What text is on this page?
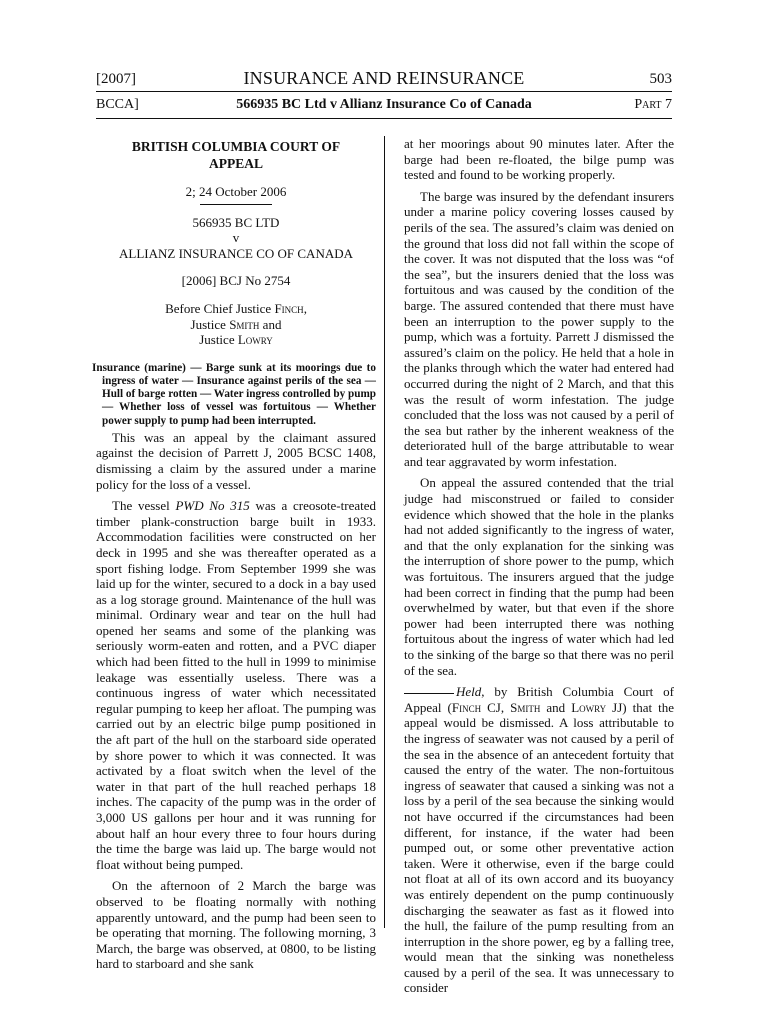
[2007]	INSURANCE AND REINSURANCE	503
BCCA]	566935 BC Ltd v Allianz Insurance Co of Canada	Part 7
BRITISH COLUMBIA COURT OF
APPEAL
2; 24 October 2006
566935 BC LTD
v
ALLIANZ INSURANCE CO OF CANADA
[2006] BCJ No 2754
Before Chief Justice Finch,
Justice Smith and
Justice Lowry
Insurance (marine) — Barge sunk at its moorings due to ingress of water — Insurance against perils of the sea — Hull of barge rotten — Water ingress controlled by pump — Whether loss of vessel was fortuitous — Whether power supply to pump had been interrupted.

This was an appeal by the claimant assured against the decision of Parrett J, 2005 BCSC 1408, dismissing a claim by the assured under a marine policy for the loss of a vessel.

The vessel PWD No 315 was a creosote-treated timber plank-construction barge built in 1933. Accommodation facilities were constructed on her deck in 1995 and she was thereafter operated as a sport fishing lodge. From September 1999 she was laid up for the winter, secured to a dock in a bay used as a log storage ground. Maintenance of the hull was minimal. Ordinary wear and tear on the hull had opened her seams and some of the planking was seriously worm-eaten and rotten, and a PVC diaper which had been fitted to the hull in 1999 to minimise leakage was essentially useless. There was a continuous ingress of water which necessitated regular pumping to keep her afloat. The pumping was carried out by an electric bilge pump positioned in the aft part of the hull on the starboard side operated by shore power to which it was connected. It was activated by a float switch when the level of the water in that part of the hull reached perhaps 18 inches. The capacity of the pump was in the order of 3,000 US gallons per hour and it was running for about half an hour every three to four hours during the time the barge was laid up. The barge would not float without being pumped.

On the afternoon of 2 March the barge was observed to be floating normally with nothing apparently untoward, and the pump had been seen to be operating that morning. The following morning, 3 March, the barge was observed, at 0800, to be listing hard to starboard and she sank

at her moorings about 90 minutes later. After the barge had been re-floated, the bilge pump was tested and found to be working properly.

The barge was insured by the defendant insurers under a marine policy covering losses caused by perils of the sea. The assured’s claim was denied on the ground that loss did not fall within the scope of the cover. It was not disputed that the loss was “of the sea”, but the insurers denied that the loss was fortuitous and was caused by the condition of the barge. The assured contended that there must have been an interruption to the power supply to the pump, which was a fortuity. Parrett J dismissed the assured’s claim on the policy. He held that a hole in the planks through which the water had entered had occurred during the night of 2 March, and that this was the result of worm infestation. The judge concluded that the loss was not caused by a peril of the sea but rather by the inherent weakness of the deteriorated hull of the barge attributable to wear and tear aggravated by worm infestation.

On appeal the assured contended that the trial judge had misconstrued or failed to consider evidence which showed that the hole in the planks had not added significantly to the ingress of water, and that the only explanation for the sinking was the interruption of shore power to the pump, which was fortuitous. The insurers argued that the judge had been correct in finding that the pump had been overwhelmed by water, but that even if the shore power had been interrupted there was nothing fortuitous about the ingress of water which had led to the sinking of the barge so that there was no peril of the sea.

Held, by British Columbia Court of Appeal (Finch CJ, Smith and Lowry JJ) that the appeal would be dismissed. A loss attributable to the ingress of seawater was not caused by a peril of the sea in the absence of an antecedent fortuity that caused the entry of the water. The non-fortuitous ingress of seawater that caused a sinking was not a loss by a peril of the sea because the sinking would not have occurred if the circumstances had been different, for instance, if the water had been pumped out, or some other preventative action taken. Were it otherwise, even if the barge could not float at all of its own accord and its buoyancy was entirely dependent on the pump continuously discharging the seawater as fast as it flowed into the hull, the failure of the pump resulting from an interruption in the shore power, eg by a falling tree, would mean that the sinking was nonetheless caused by a peril of the sea. It was unnecessary to consider
